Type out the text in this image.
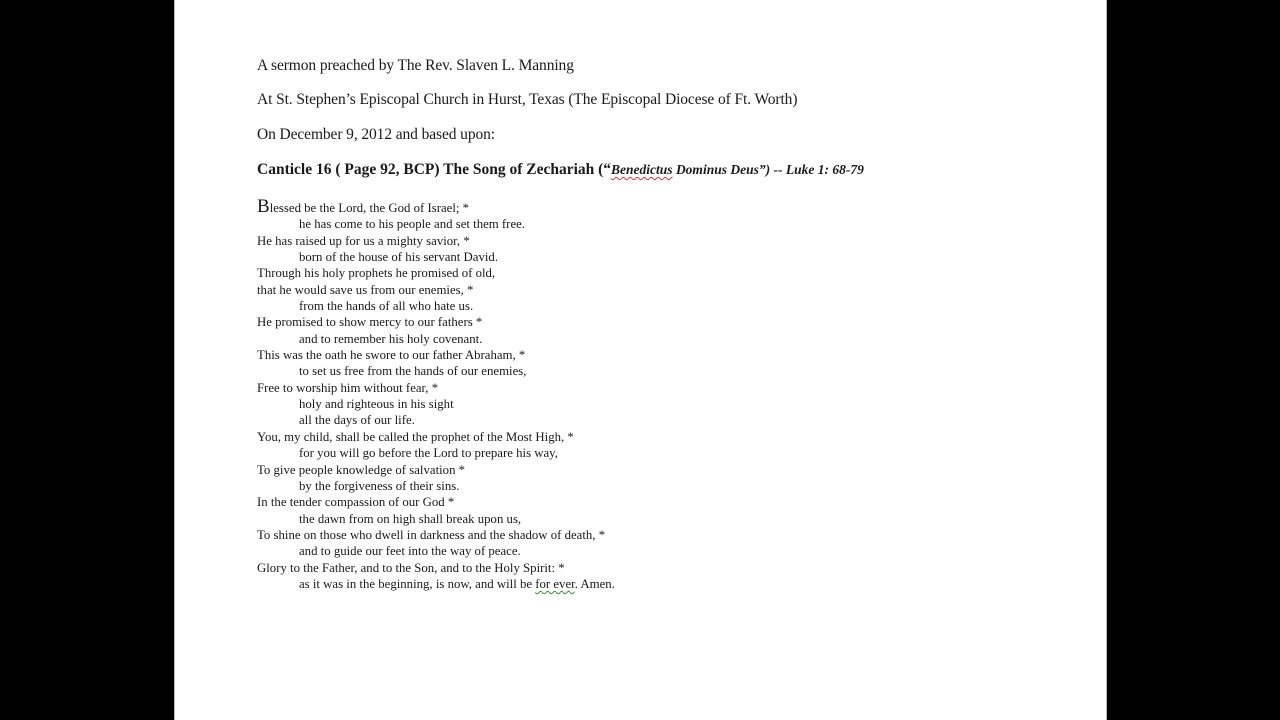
A sermon preached by The Rev. Slaven L. Manning
At St. Stephen’s Episcopal Church in Hurst, Texas (The Episcopal Diocese of Ft. Worth)
On December 9, 2012 and based upon:
Canticle 16 ( Page 92, BCP) The Song of Zechariah (“Benedictus Dominus Deus”) -- Luke 1: 68-79
Blessed be the Lord, the God of Israel; *
he has come to his people and set them free.
He has raised up for us a mighty savior, *
born of the house of his servant David.
Through his holy prophets he promised of old,
that he would save us from our enemies, *
from the hands of all who hate us.
He promised to show mercy to our fathers *
and to remember his holy covenant.
This was the oath he swore to our father Abraham, *
to set us free from the hands of our enemies,
Free to worship him without fear, *
holy and righteous in his sight
all the days of our life.
You, my child, shall be called the prophet of the Most High, *
for you will go before the Lord to prepare his way,
To give people knowledge of salvation *
by the forgiveness of their sins.
In the tender compassion of our God *
the dawn from on high shall break upon us,
To shine on those who dwell in darkness and the shadow of death, *
and to guide our feet into the way of peace.
Glory to the Father, and to the Son, and to the Holy Spirit: *
as it was in the beginning, is now, and will be for ever. Amen.
